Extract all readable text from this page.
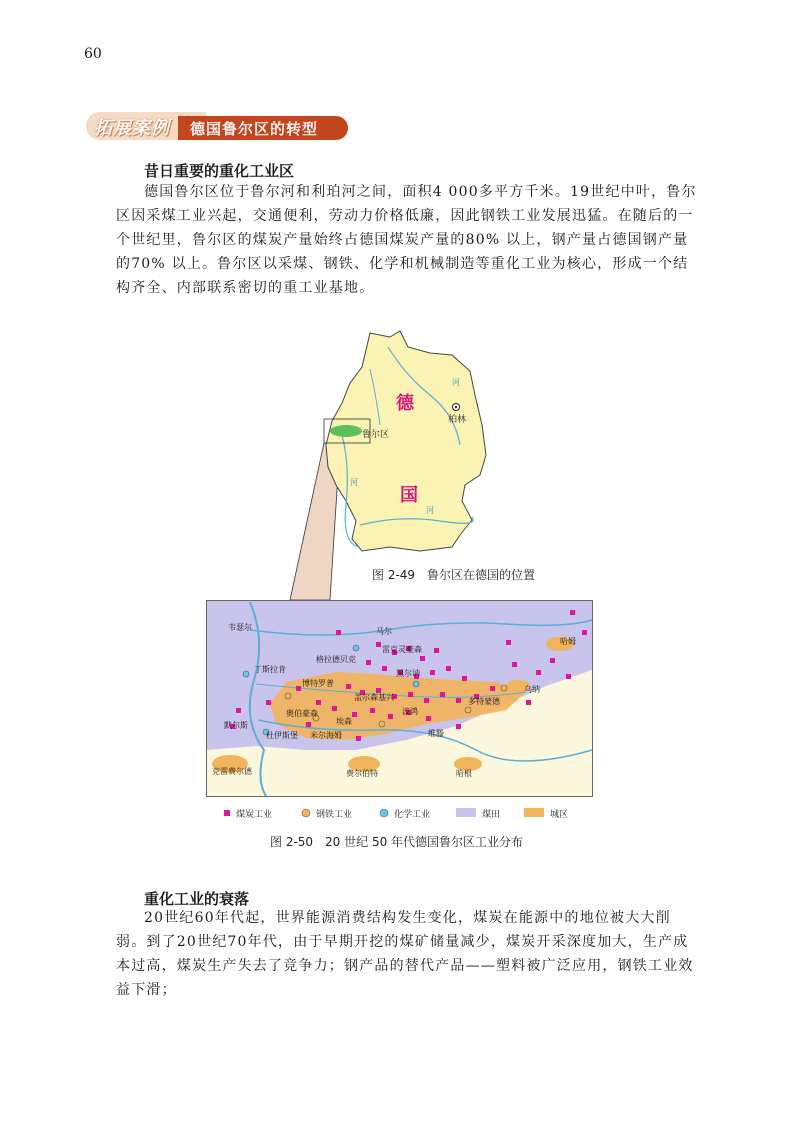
60
拓展案例 德国鲁尔区的转型
昔日重要的重化工业区

德国鲁尔区位于鲁尔河和利珀河之间，面积4 000多平方千米。19世纪中叶，鲁尔区因采煤工业兴起，交通便利，劳动力价格低廉，因此钢铁工业发展迅猛。在随后的一个世纪里，鲁尔区的煤炭产量始终占德国煤炭产量的80% 以上，钢产量占德国钢产量的70% 以上。鲁尔区以采煤、钢铁、化学和机械制造等重化工业为核心，形成一个结构齐全、内部联系密切的重工业基地。

鲁尔区
德
国
柏林
河
河
河
图 2-49　鲁尔区在德国的位置
韦瑟尔	马尔
哈姆
雷克灵豪森
格拉德贝克
丁斯拉肯
博特罗普
黑尔讷
盖尔森基兴
乌纳
多特蒙德
波鸿
奥伯豪森
默尔斯	埃森
杜伊斯堡 米尔海姆	维滕
克雷费尔德	费尔伯特	哈根
煤炭工业	钢铁工业	化学工业	煤田	城区
图 2-50　20 世纪 50 年代德国鲁尔区工业分布
重化工业的衰落

20世纪60年代起，世界能源消费结构发生变化，煤炭在能源中的地位被大大削弱。到了20世纪70年代，由于早期开挖的煤矿储量减少，煤炭开采深度加大，生产成本过高，煤炭生产失去了竞争力；钢产品的替代产品——塑料被广泛应用，钢铁工业效益下滑；
